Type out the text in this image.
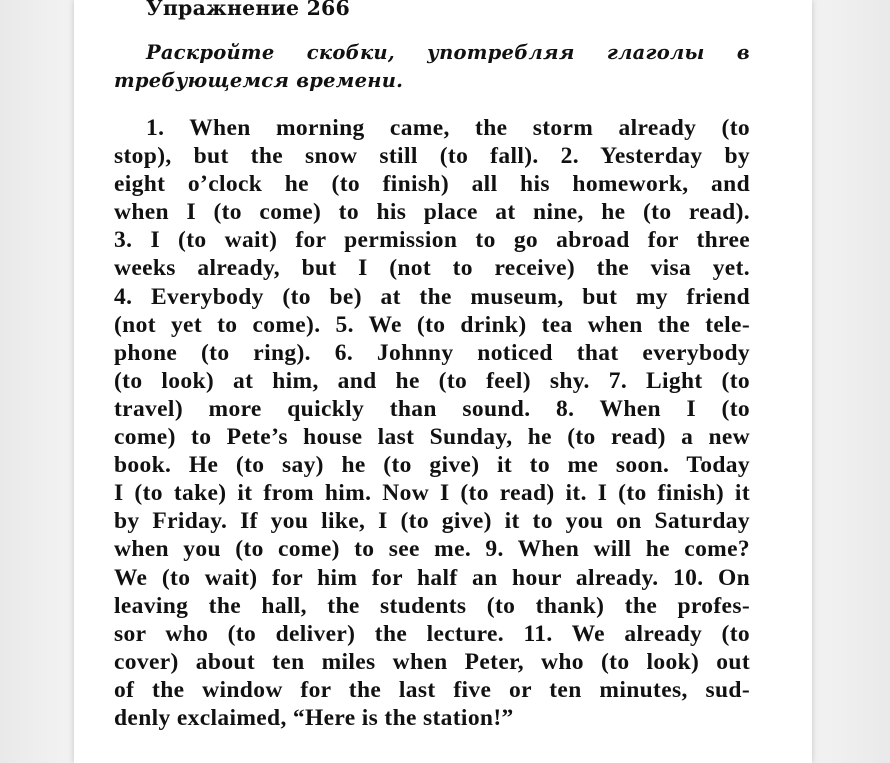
Упражнение 266

Раскройте скобки, употребляя глаголы в требующемся времени.

1. When morning came, the storm already (to
stop), but the snow still (to fall). 2. Yesterday by
eight o’clock he (to finish) all his homework, and
when I (to come) to his place at nine, he (to read).
3. I (to wait) for permission to go abroad for three
weeks already, but I (not to receive) the visa yet.
4. Everybody (to be) at the museum, but my friend
(not yet to come). 5. We (to drink) tea when the tele-
phone (to ring). 6. Johnny noticed that everybody
(to look) at him, and he (to feel) shy. 7. Light (to
travel) more quickly than sound. 8. When I (to
come) to Pete’s house last Sunday, he (to read) a new
book. He (to say) he (to give) it to me soon. Today
I (to take) it from him. Now I (to read) it. I (to finish) it
by Friday. If you like, I (to give) it to you on Saturday
when you (to come) to see me. 9. When will he come?
We (to wait) for him for half an hour already. 10. On
leaving the hall, the students (to thank) the profes-
sor who (to deliver) the lecture. 11. We already (to
cover) about ten miles when Peter, who (to look) out
of the window for the last five or ten minutes, sud-
denly exclaimed, “Here is the station!”
